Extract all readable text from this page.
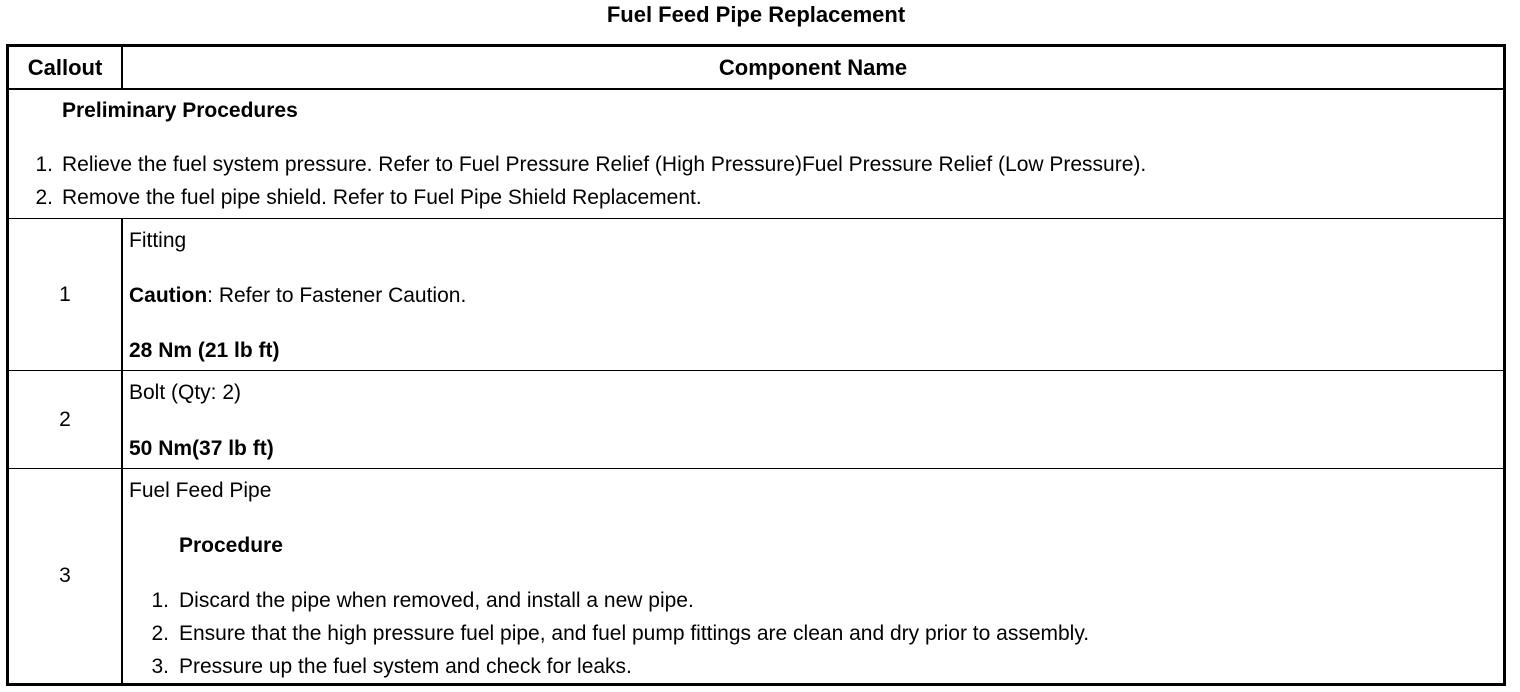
Fuel Feed Pipe Replacement
Callout	Component Name
Preliminary Procedures
1. Relieve the fuel system pressure. Refer to Fuel Pressure Relief (High Pressure)Fuel Pressure Relief (Low Pressure).
2. Remove the fuel pipe shield. Refer to Fuel Pipe Shield Replacement.
1
Fitting
Caution: Refer to Fastener Caution.
28 Nm (21 lb ft)
2
Bolt (Qty: 2)
50 Nm(37 lb ft)
3
Fuel Feed Pipe
Procedure
1. Discard the pipe when removed, and install a new pipe.
2. Ensure that the high pressure fuel pipe, and fuel pump fittings are clean and dry prior to assembly.
3. Pressure up the fuel system and check for leaks.
